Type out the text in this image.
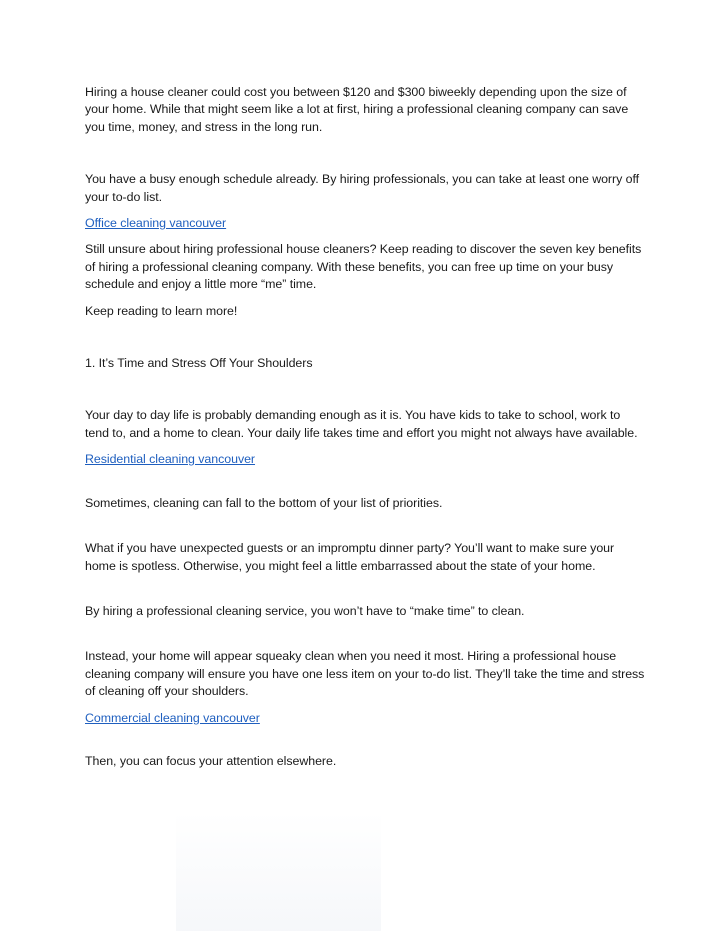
Hiring a house cleaner could cost you between $120 and $300 biweekly depending upon the size of your home. While that might seem like a lot at first, hiring a professional cleaning company can save you time, money, and stress in the long run.

You have a busy enough schedule already. By hiring professionals, you can take at least one worry off your to-do list.

Office cleaning vancouver

Still unsure about hiring professional house cleaners? Keep reading to discover the seven key benefits of hiring a professional cleaning company. With these benefits, you can free up time on your busy schedule and enjoy a little more “me” time.

Keep reading to learn more!

1. It’s Time and Stress Off Your Shoulders

Your day to day life is probably demanding enough as it is. You have kids to take to school, work to tend to, and a home to clean. Your daily life takes time and effort you might not always have available.

Residential cleaning vancouver

Sometimes, cleaning can fall to the bottom of your list of priorities.

What if you have unexpected guests or an impromptu dinner party? You’ll want to make sure your home is spotless. Otherwise, you might feel a little embarrassed about the state of your home.

By hiring a professional cleaning service, you won’t have to “make time” to clean.

Instead, your home will appear squeaky clean when you need it most. Hiring a professional house cleaning company will ensure you have one less item on your to-do list. They’ll take the time and stress of cleaning off your shoulders.

Commercial cleaning vancouver

Then, you can focus your attention elsewhere.
